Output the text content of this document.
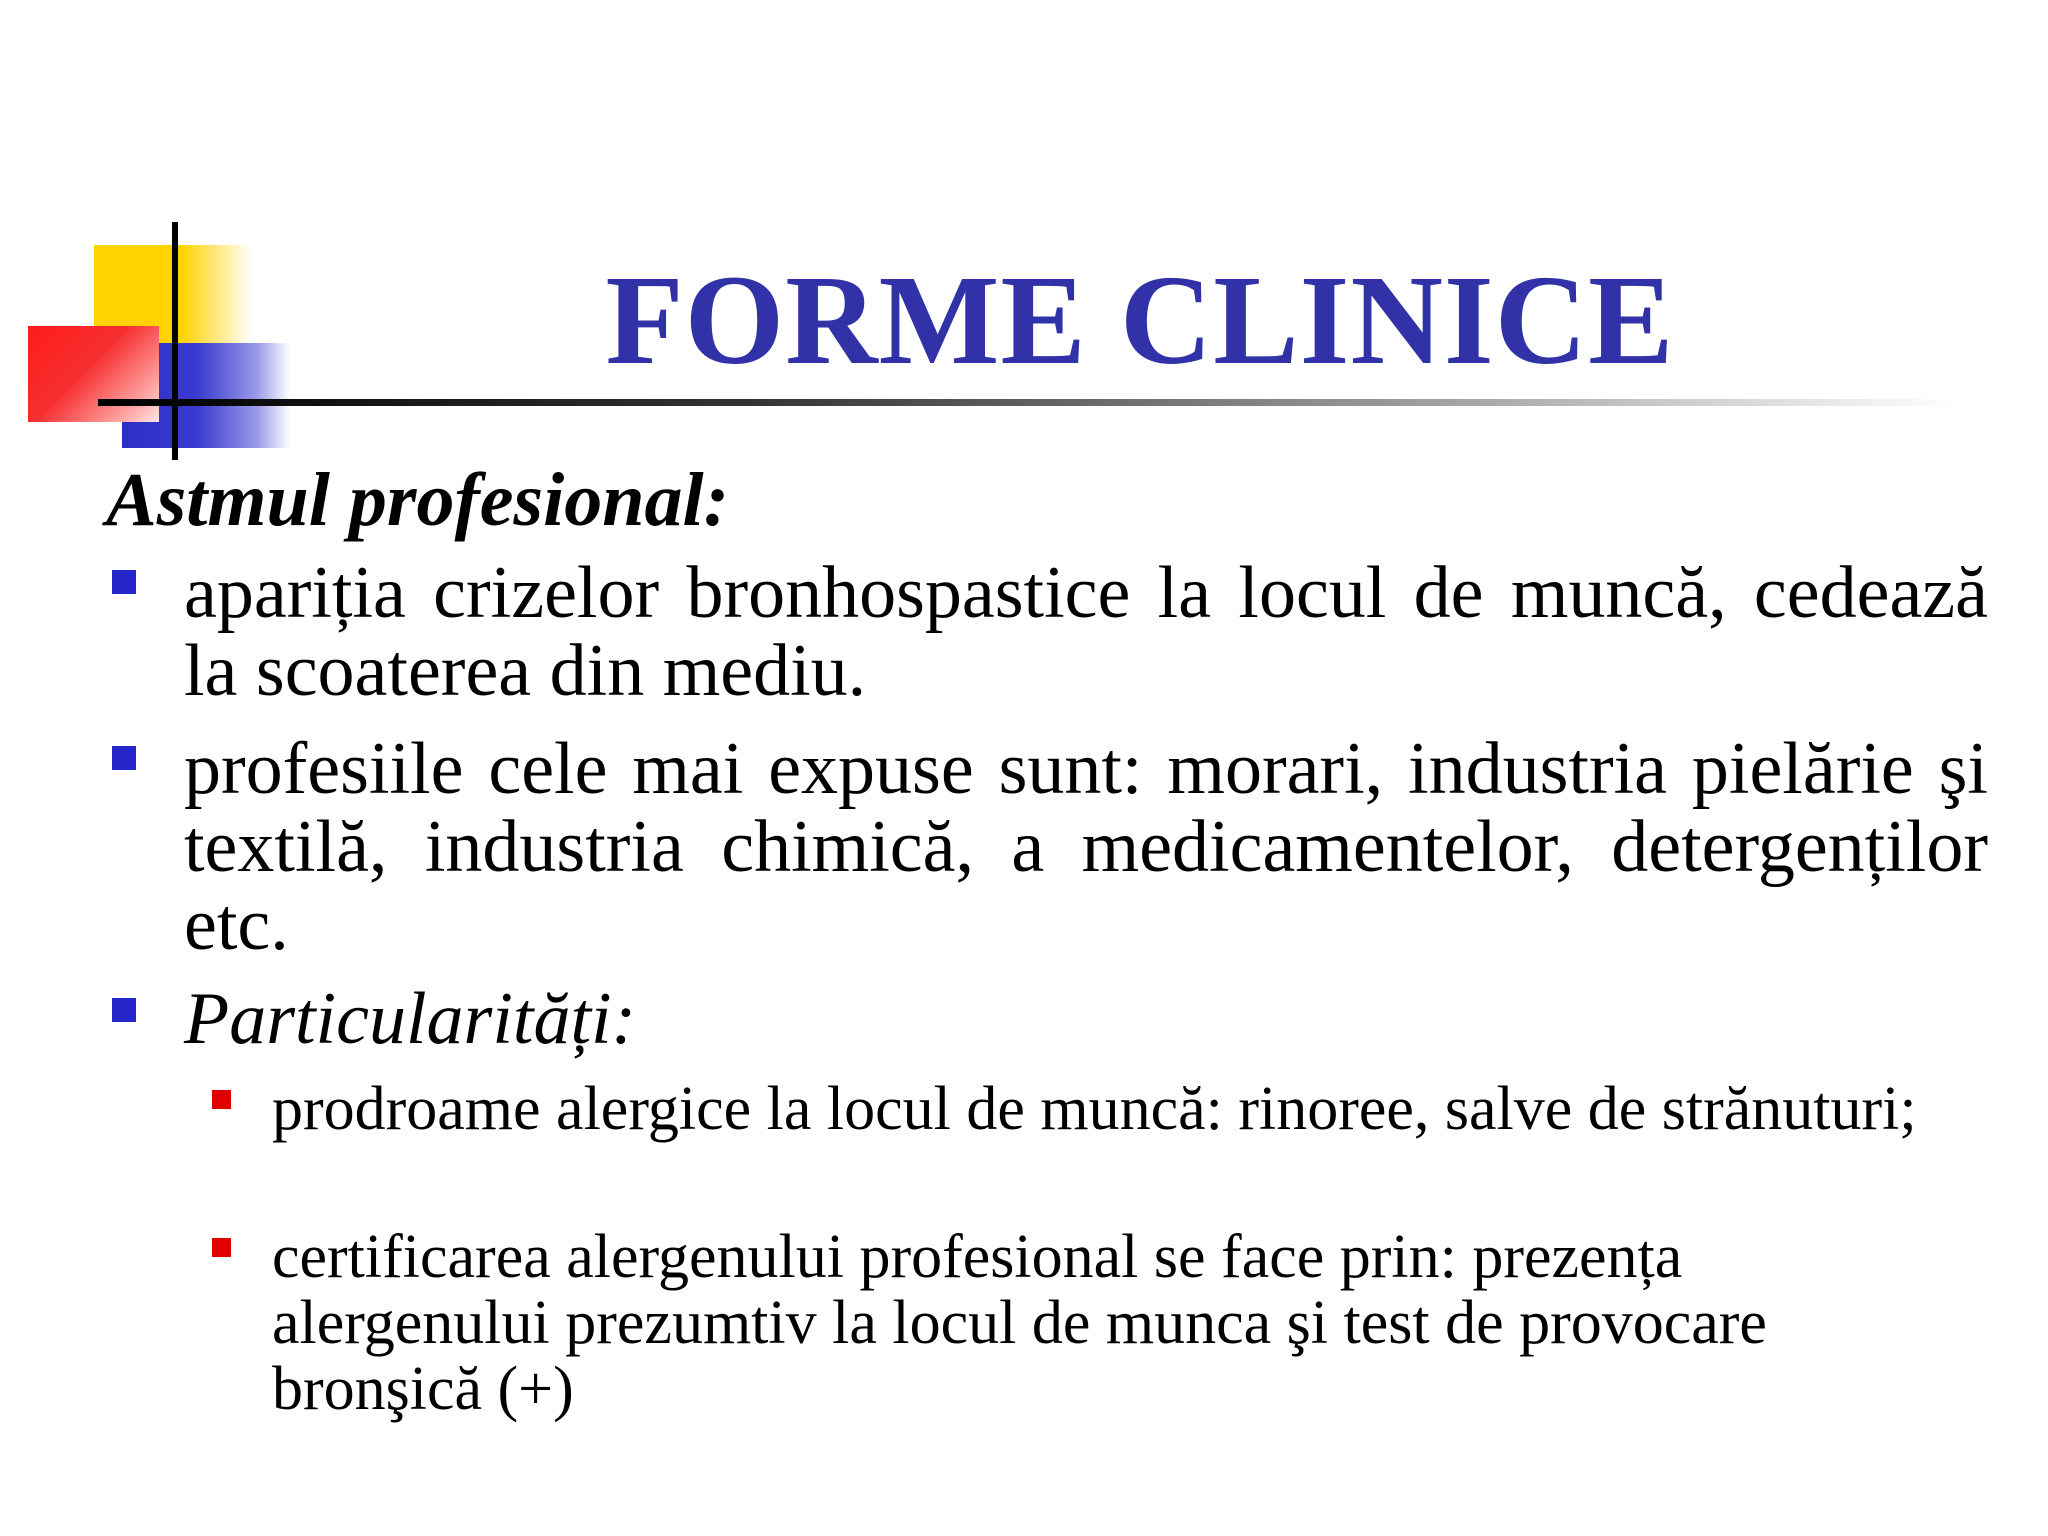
FORME CLINICE

Astmul profesional:

apariția crizelor bronhospastice la locul de muncă, cedează la scoaterea din mediu.

profesiile cele mai expuse sunt: morari, industria pielărie şi textilă, industria chimică, a medicamentelor, detergenților etc.

Particularități:

prodroame alergice la locul de muncă: rinoree, salve de strănuturi;

certificarea alergenului profesional se face prin: prezența alergenului prezumtiv la locul de munca şi test de provocare bronşică (+)
